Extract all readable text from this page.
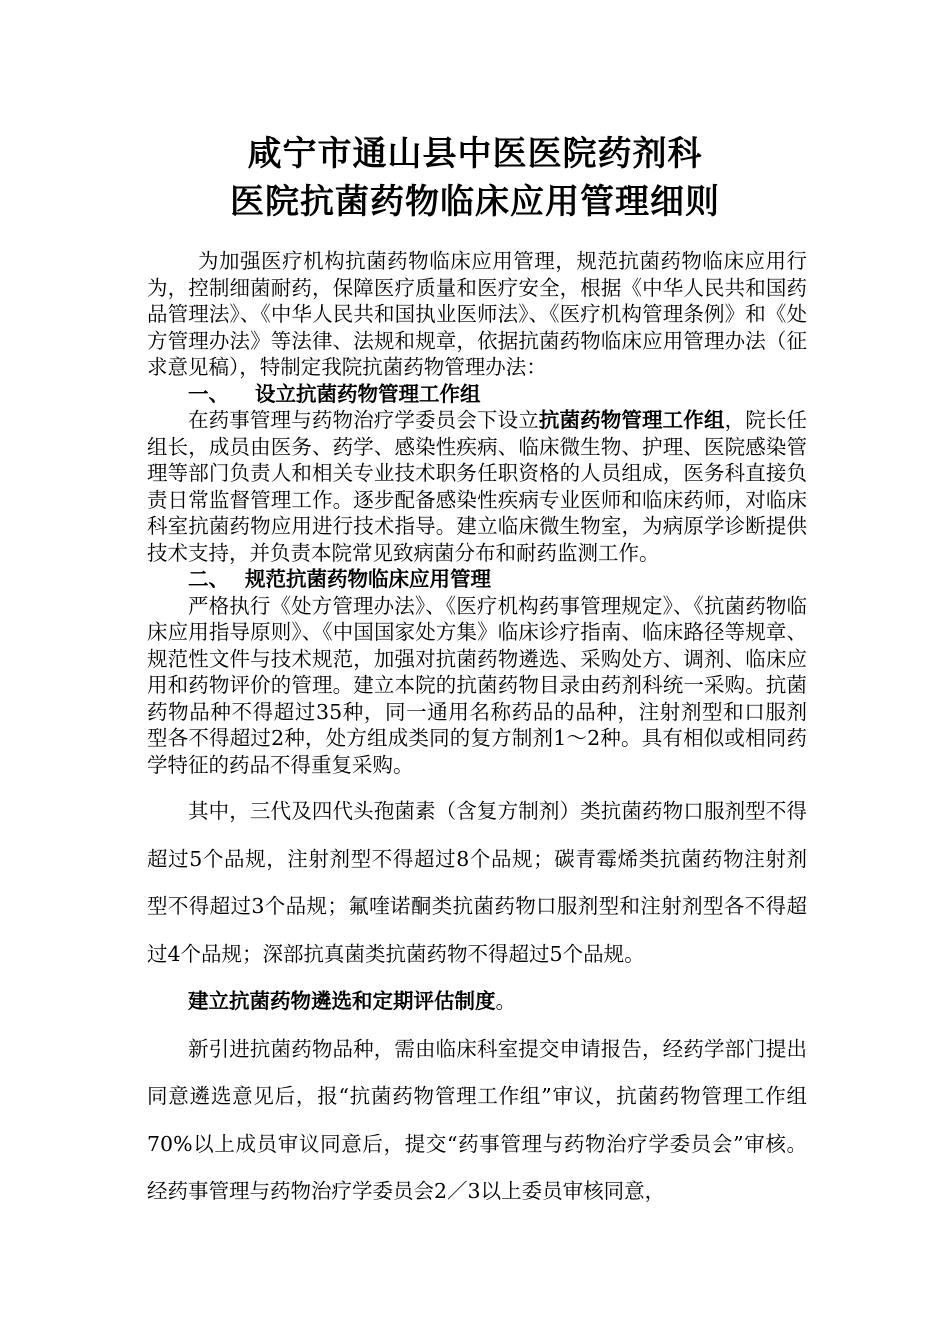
咸宁市通山县中医医院药剂科
医院抗菌药物临床应用管理细则

为加强医疗机构抗菌药物临床应用管理，规范抗菌药物临床应用行为，控制细菌耐药，保障医疗质量和医疗安全，根据《中华人民共和国药品管理法》、《中华人民共和国执业医师法》、《医疗机构管理条例》和《处方管理办法》等法律、法规和规章，依据抗菌药物临床应用管理办法（征求意见稿），特制定我院抗菌药物管理办法：

一、 设立抗菌药物管理工作组

在药事管理与药物治疗学委员会下设立抗菌药物管理工作组，院长任组长，成员由医务、药学、感染性疾病、临床微生物、护理、医院感染管理等部门负责人和相关专业技术职务任职资格的人员组成，医务科直接负责日常监督管理工作。逐步配备感染性疾病专业医师和临床药师，对临床科室抗菌药物应用进行技术指导。建立临床微生物室，为病原学诊断提供技术支持，并负责本院常见致病菌分布和耐药监测工作。

二、 规范抗菌药物临床应用管理

严格执行《处方管理办法》、《医疗机构药事管理规定》、《抗菌药物临床应用指导原则》、《中国国家处方集》临床诊疗指南、临床路径等规章、规范性文件与技术规范，加强对抗菌药物遴选、采购处方、调剂、临床应用和药物评价的管理。建立本院的抗菌药物目录由药剂科统一采购。抗菌药物品种不得超过35种，同一通用名称药品的品种，注射剂型和口服剂型各不得超过2种，处方组成类同的复方制剂1～2种。具有相似或相同药学特征的药品不得重复采购。

其中，三代及四代头孢菌素（含复方制剂）类抗菌药物口服剂型不得超过5个品规，注射剂型不得超过8个品规；碳青霉烯类抗菌药物注射剂型不得超过3个品规；氟喹诺酮类抗菌药物口服剂型和注射剂型各不得超过4个品规；深部抗真菌类抗菌药物不得超过5个品规。

建立抗菌药物遴选和定期评估制度。

新引进抗菌药物品种，需由临床科室提交申请报告，经药学部门提出同意遴选意见后，报“抗菌药物管理工作组”审议，抗菌药物管理工作组70%以上成员审议同意后，提交“药事管理与药物治疗学委员会”审核。经药事管理与药物治疗学委员会2／3以上委员审核同意，
